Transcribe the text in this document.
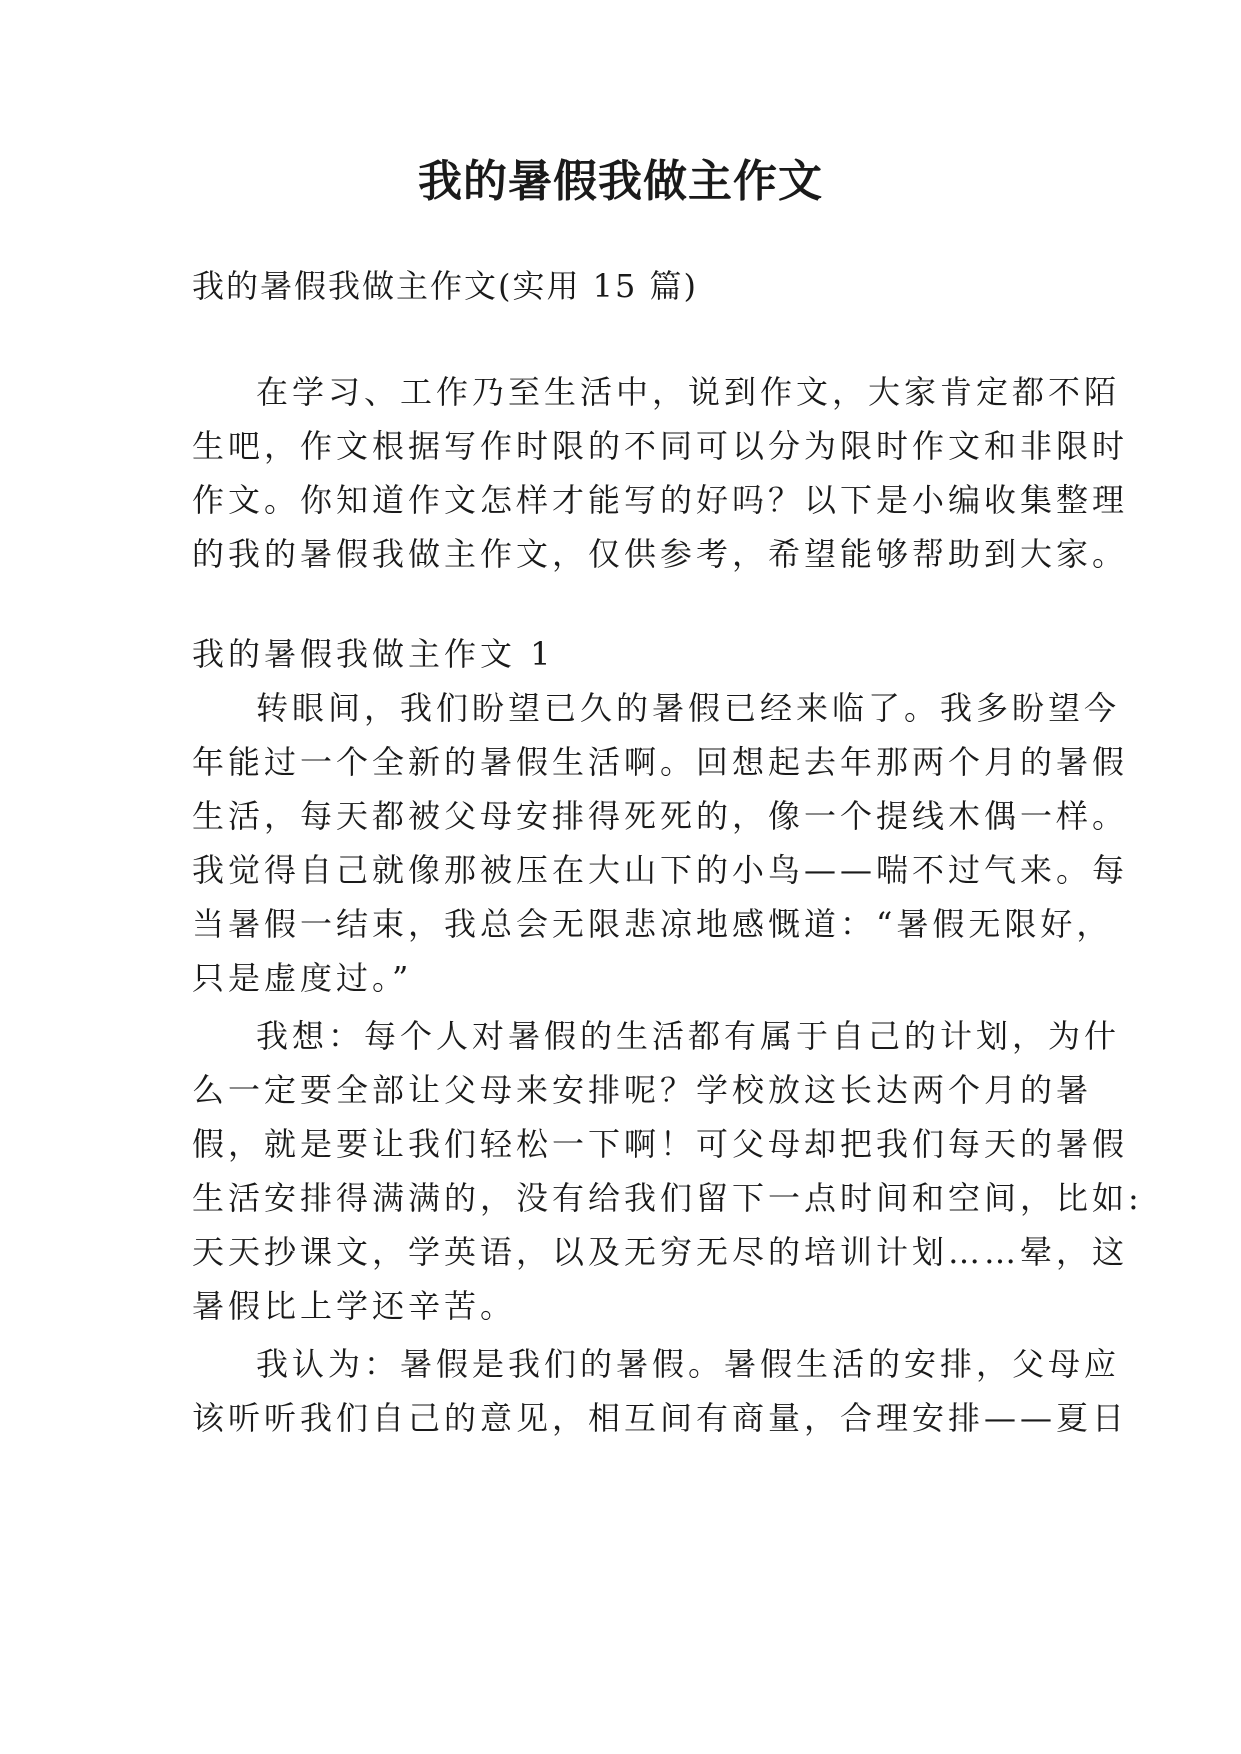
我的暑假我做主作文

我的暑假我做主作文(实用 15 篇)

在学习、工作乃至生活中，说到作文，大家肯定都不陌

生吧，作文根据写作时限的不同可以分为限时作文和非限时

作文。你知道作文怎样才能写的好吗？以下是小编收集整理

的我的暑假我做主作文，仅供参考，希望能够帮助到大家。

我的暑假我做主作文 1

转眼间，我们盼望已久的暑假已经来临了。我多盼望今

年能过一个全新的暑假生活啊。回想起去年那两个月的暑假

生活，每天都被父母安排得死死的，像一个提线木偶一样。

我觉得自己就像那被压在大山下的小鸟——喘不过气来。每

当暑假一结束，我总会无限悲凉地感慨道：“暑假无限好，

只是虚度过。”

我想：每个人对暑假的生活都有属于自己的计划，为什

么一定要全部让父母来安排呢？学校放这长达两个月的暑

假，就是要让我们轻松一下啊！可父母却把我们每天的暑假

生活安排得满满的，没有给我们留下一点时间和空间，比如:

天天抄课文，学英语，以及无穷无尽的培训计划……晕，这

暑假比上学还辛苦。

我认为：暑假是我们的暑假。暑假生活的安排，父母应

该听听我们自己的意见，相互间有商量，合理安排——夏日
